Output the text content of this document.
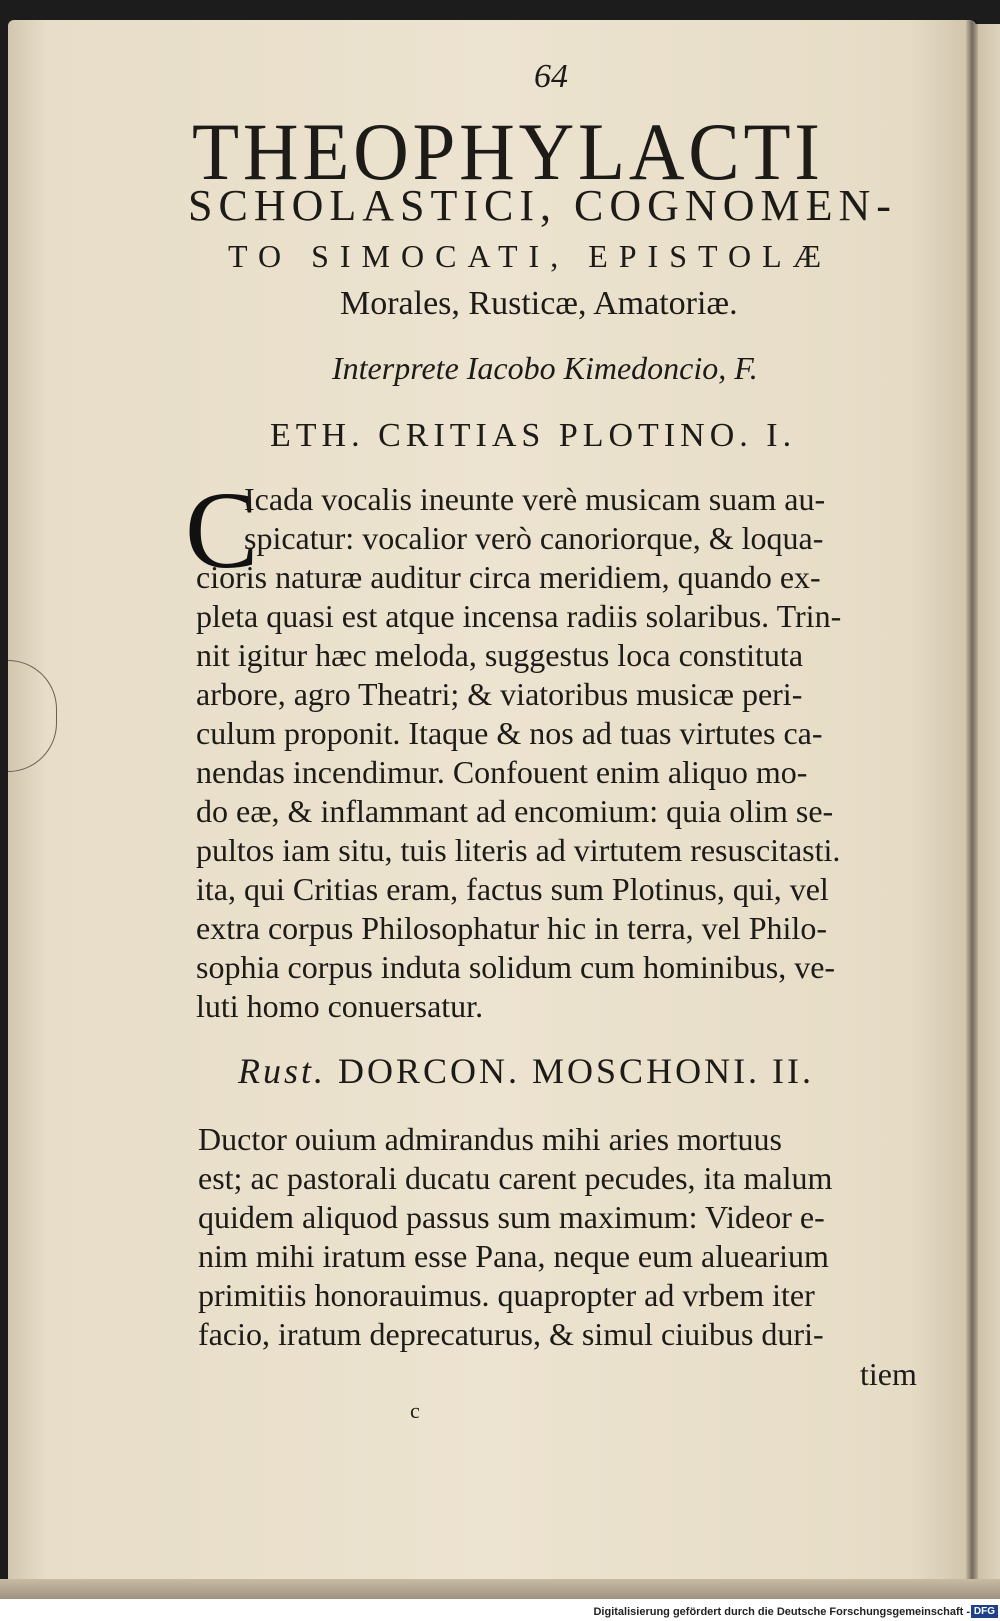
64
THEOPHYLACTI
SCHOLASTICI, COGNOMEN-
TO SIMOCATI, EPISTOLÆ
Morales, Rusticæ, Amatoriæ.
Interprete Iacobo Kimedoncio, F.
ETH. CRITIAS PLOTINO. I.
C
Icada vocalis ineunte verè musicam suam au-
spicatur: vocalior verò canoriorque, & loqua-
cioris naturæ auditur circa meridiem, quando ex-
pleta quasi est atque incensa radiis solaribus. Trin-
nit igitur hæc meloda, suggestus loca constituta
arbore, agro Theatri; & viatoribus musicæ peri-
culum proponit. Itaque & nos ad tuas virtutes ca-
nendas incendimur. Confouent enim aliquo mo-
do eæ, & inflammant ad encomium: quia olim se-
pultos iam situ, tuis literis ad virtutem resuscitasti.
ita, qui Critias eram, factus sum Plotinus, qui, vel
extra corpus Philosophatur hic in terra, vel Philo-
sophia corpus induta solidum cum hominibus, ve-
luti homo conuersatur.
Rust. DORCON. MOSCHONI. II.
Ductor ouium admirandus mihi aries mortuus
est; ac pastorali ducatu carent pecudes, ita malum
quidem aliquod passus sum maximum: Videor e-
nim mihi iratum esse Pana, neque eum aluearium
primitiis honorauimus. quapropter ad vrbem iter
facio, iratum deprecaturus, & simul ciuibus duri-
tiem
c
Digitalisierung gefördert durch die Deutsche Forschungsgemeinschaft - DFG
